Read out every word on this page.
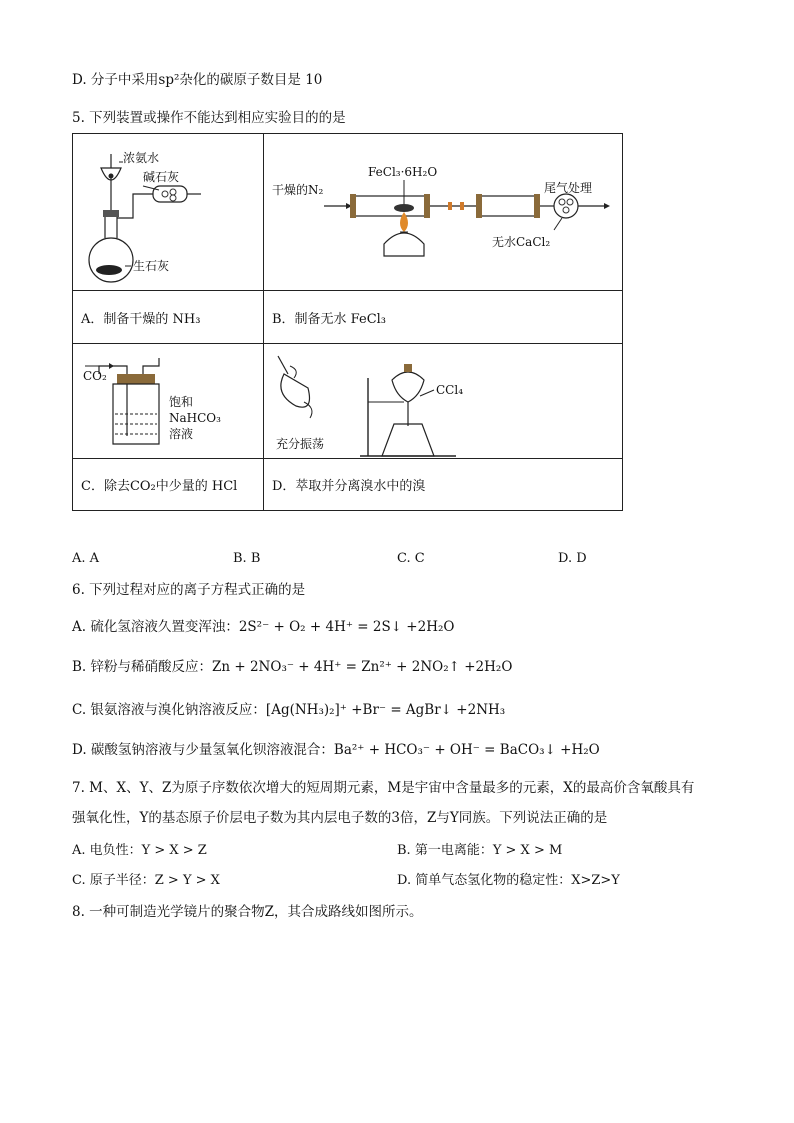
D. 分子中采用sp²杂化的碳原子数目是 10
5. 下列装置或操作不能达到相应实验目的的是
浓氨水
碱石灰
生石灰	干燥的N₂
FeCl₃·6H₂O
尾气处理
无水CaCl₂

A．制备干燥的 NH₃	B．制备无水 FeCl₃

CO₂
饱和
NaHCO₃
溶液	充分振荡
CCl₄

C．除去CO₂中少量的 HCl	D．萃取并分离溴水中的溴
A. A	B. B	C. C	D. D
6. 下列过程对应的离子方程式正确的是
A. 硫化氢溶液久置变浑浊：2S²⁻ + O₂ + 4H⁺ = 2S↓ +2H₂O
B. 锌粉与稀硝酸反应：Zn + 2NO₃⁻ + 4H⁺ = Zn²⁺ + 2NO₂↑ +2H₂O
C. 银氨溶液与溴化钠溶液反应：[Ag(NH₃)₂]⁺ +Br⁻ = AgBr↓ +2NH₃
D. 碳酸氢钠溶液与少量氢氧化钡溶液混合：Ba²⁺ + HCO₃⁻ + OH⁻ = BaCO₃↓ +H₂O
7. M、X、Y、Z为原子序数依次增大的短周期元素，M是宇宙中含量最多的元素，X的最高价含氧酸具有
强氧化性，Y的基态原子价层电子数为其内层电子数的3倍，Z与Y同族。下列说法正确的是
A. 电负性：Y > X > Z	B. 第一电离能：Y > X > M
C. 原子半径：Z > Y > X	D. 简单气态氢化物的稳定性：X>Z>Y
8. 一种可制造光学镜片的聚合物Z，其合成路线如图所示。
